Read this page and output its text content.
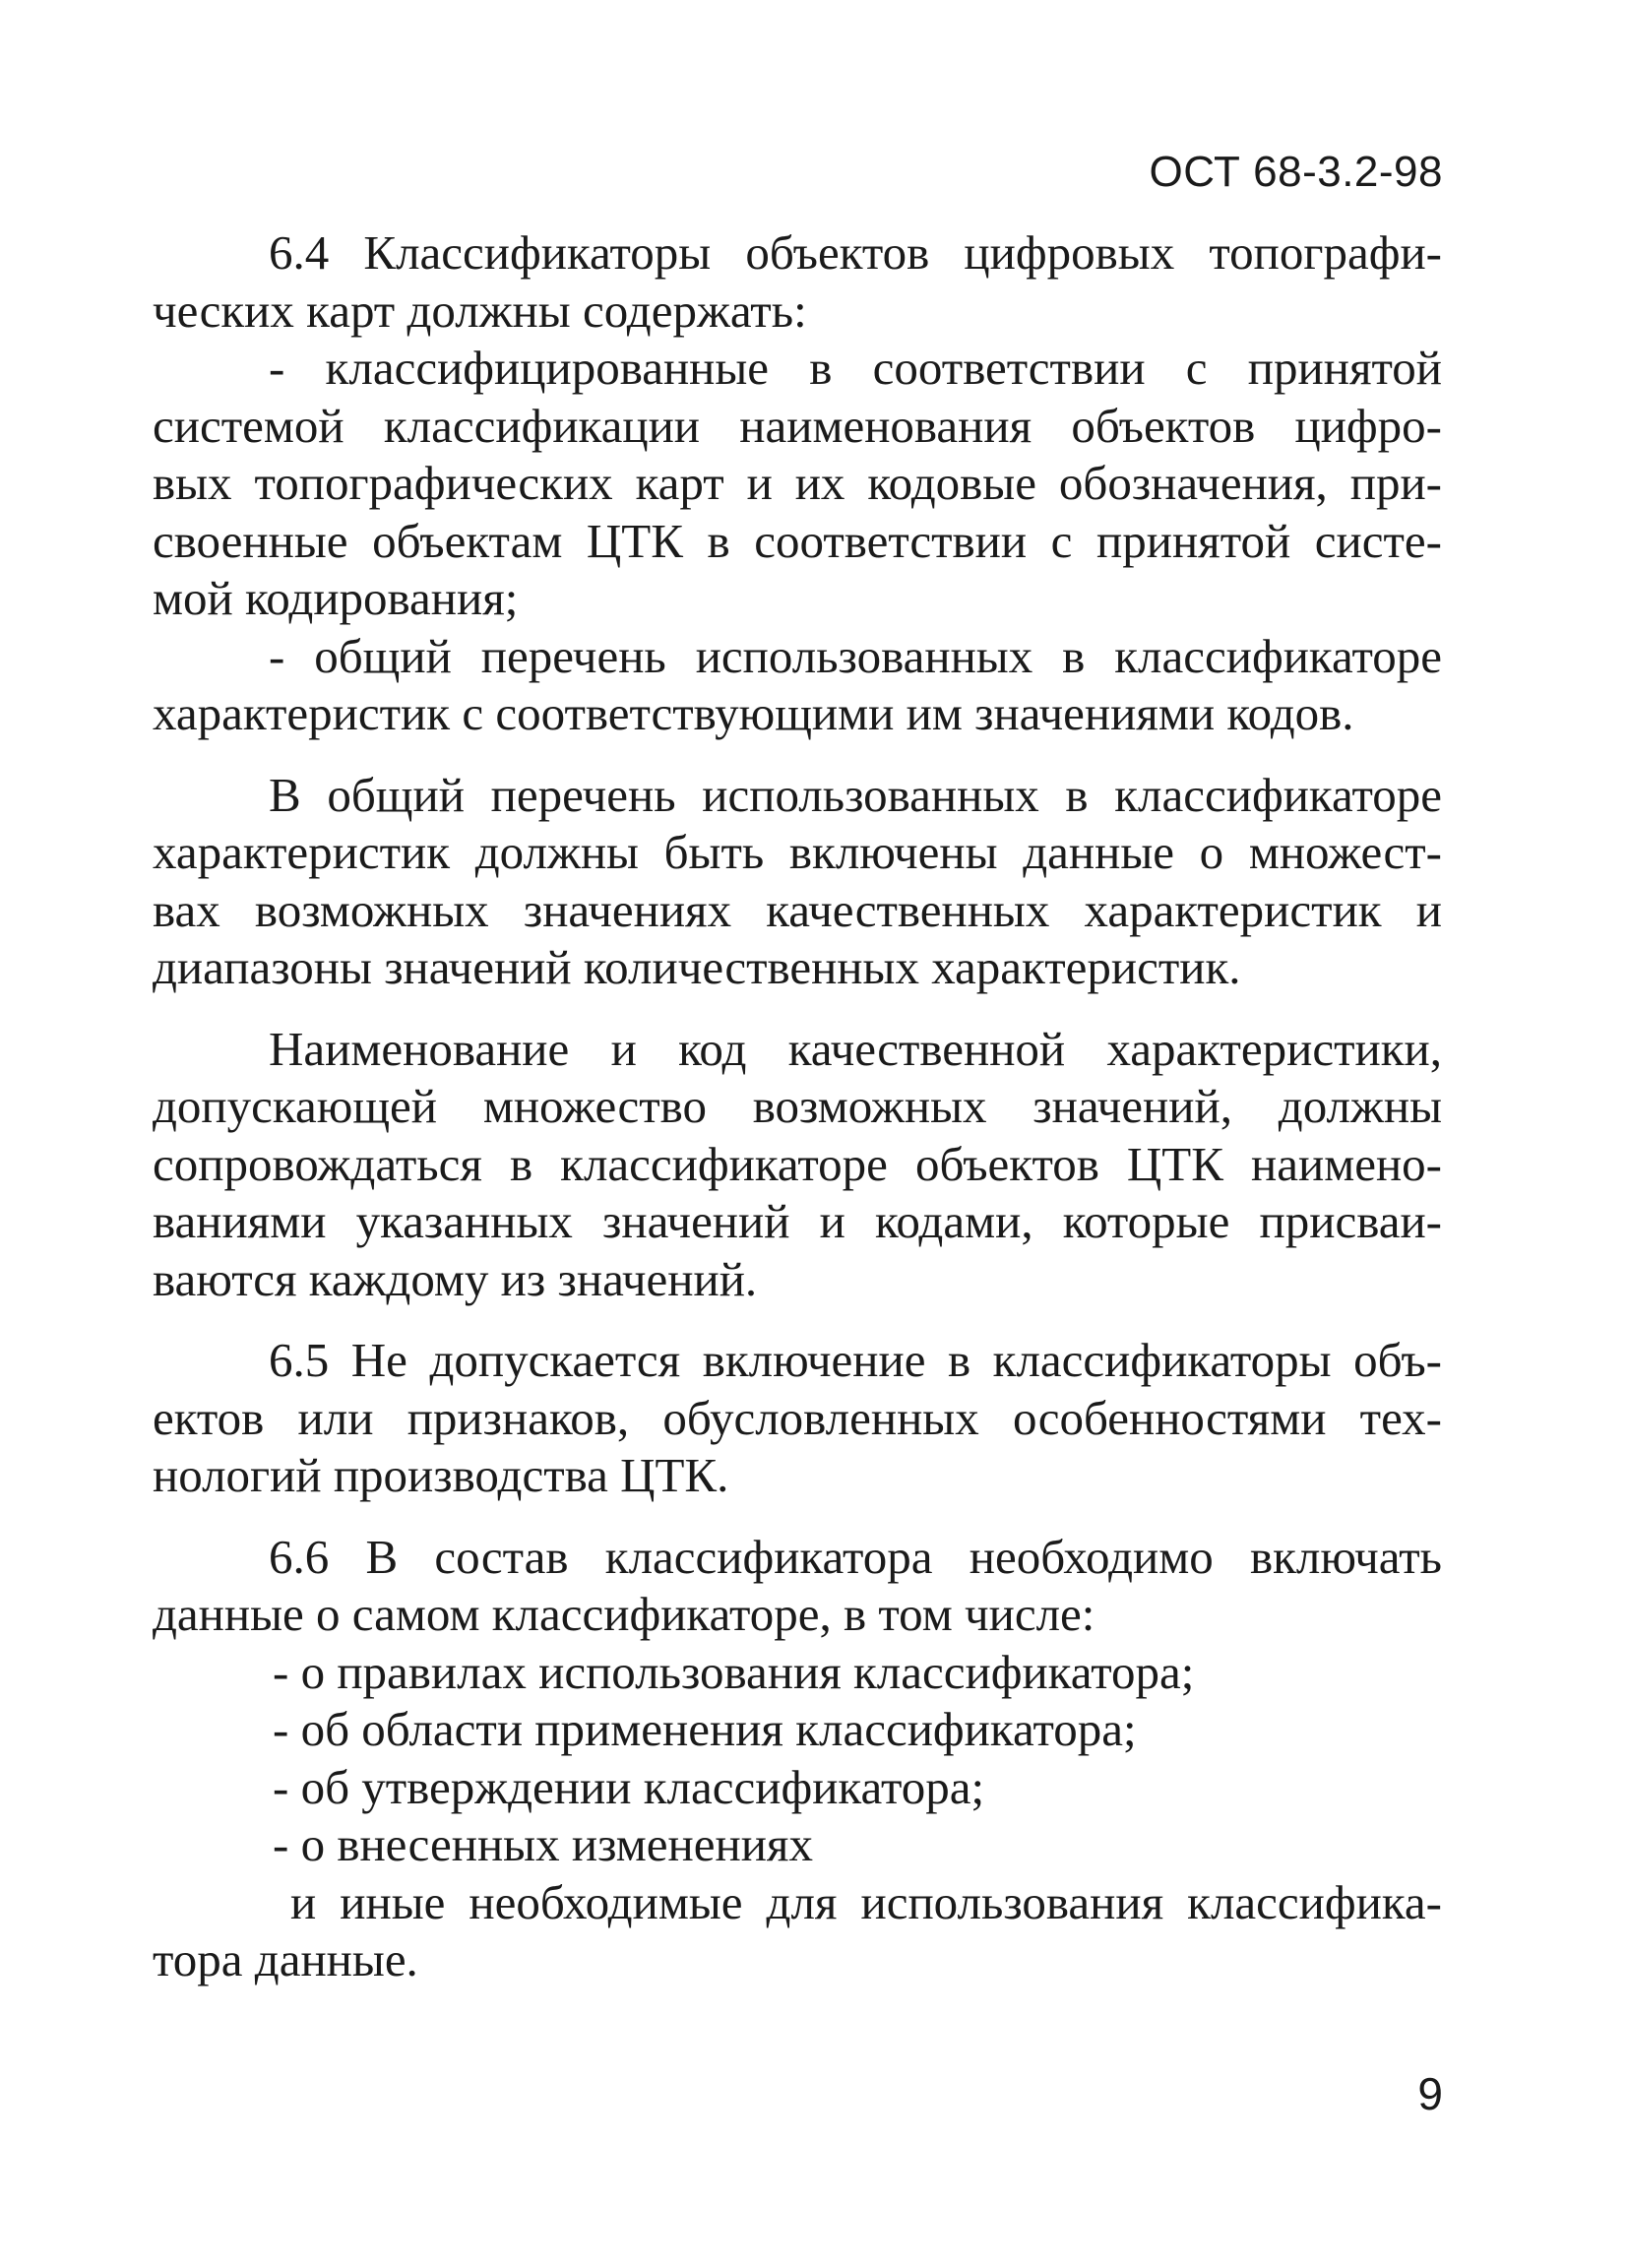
ОСТ 68-3.2-98
6.4 Классификаторы объектов цифровых топографи-
ческих карт должны содержать:
- классифицированные в соответствии с принятой
системой классификации наименования объектов цифро-
вых топографических карт и их кодовые обозначения, при-
своенные объектам ЦТК в соответствии с принятой систе-
мой кодирования;
- общий перечень использованных в классификаторе
характеристик с соответствующими им значениями кодов.
В общий перечень использованных в классификаторе
характеристик должны быть включены данные о множест-
вах возможных значениях качественных характеристик и
диапазоны значений количественных характеристик.
Наименование и код качественной характеристики,
допускающей множество возможных значений, должны
сопровождаться в классификаторе объектов ЦТК наимено-
ваниями указанных значений и кодами, которые присваи-
ваются каждому из значений.
6.5 Не допускается включение в классификаторы объ-
ектов или признаков, обусловленных особенностями тех-
нологий производства ЦТК.
6.6 В состав классификатора необходимо включать
данные о самом классификаторе, в том числе:
- о правилах использования классификатора;
- об области применения классификатора;
- об утверждении классификатора;
- о внесенных изменениях
и иные необходимые для использования классифика-
тора данные.
9
